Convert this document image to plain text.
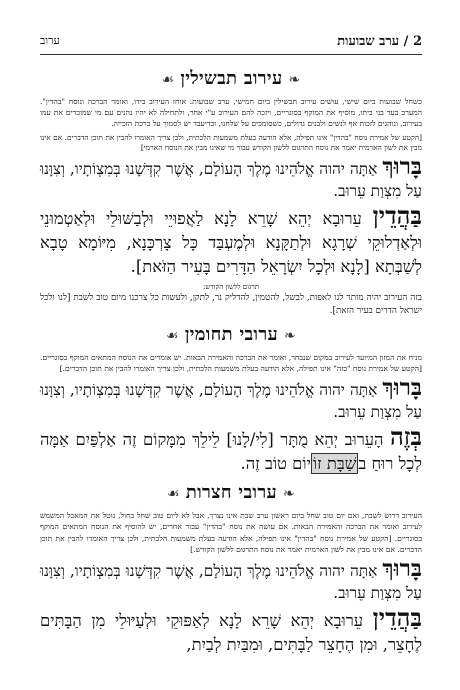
2 / ערב שבועות
ערוב
❧עירוב תבשילין☙

כשחל שבועות ביום שישי, עושים עירוב תבשילין ביום חמישי, ערב שבועות. אוחז העירוב בידו, ואומר הברכה ונוסח "בהדין". המערב בעד בני ביתו, מוסיף את המוקף בסוגריים, ויזכה להם העירוב ע"י אחר, ולתחילה לא יהיו נהנים עם מי שמוכרים את עמו בעירוב, ונוהגים לזכות אף לנשים ולבנים גדולים, כשסומכים על שלחנו, ובדיעבד יש לסמוך על ברכת הזכייה.

[הקטע של אמירת נוסח "בהדין" אינו תפילה, אלא הודעה בעלת משמעות הלכתית, ולכן צריך האומרו להבין את תוכן הדברים. אם אינו מבין את לשון הארמית יאמר את נוסח התרגום ללשון הקודש עבור מי שאינו מבין את הנוסח הארמי]

בָּרוּךְ אַתָּה יהוה אֱלֹהֵינוּ מֶלֶךְ הָעוֹלָם, אֲשֶׁר קִדְּשָׁנוּ בְּמִצְוֹתָיו, וְצִוָּנוּ עַל מִצְוַת עֵרוּב.

בַּהֲדֵין עֵרוּבָא יְהֵא שָׁרֵא לָנָא לַאֲפוּיֵי וּלְבַשּׁוּלֵי וּלְאַטְמוּנֵי וּלְאַדְלוּקֵי שְׁרָגָא וּלְתַקָּנָא וּלְמֶעְבַּד כָּל צָרְכָּנָא, מִיּוֹמָא טָבָא לְשַׁבְּתָא [לָנָא וּלְכָל יִשְׂרָאֵל הַדָּרִים בָּעִיר הַזֹּאת].

תרגום ללשון הקודש:

בזה העירוב יהיה מותר לנו לאפות, לבשל, להטמין, להדליק נר, לתקן, ולעשות כל צרכנו מיום טוב לשבת [לנו ולכל ישראל הדרים בעיר הזאת].

❧ערובי תחומין☙

מניח את המזון המיועד לעירוב במקום שנבחר, ואומר את הברכה והאמירה הבאות. יש אומרים את הנוסח המתאים המוקף בסוגריים. [הקטע של אמירת נוסח "בזה" אינו תפילה, אלא הודעה בעלת משמעות הלכתית, ולכן צריך האומרו להבין את תוכן הדברים.]

בָּרוּךְ אַתָּה יהוה אֱלֹהֵינוּ מֶלֶךְ הָעוֹלָם, אֲשֶׁר קִדְּשָׁנוּ בְּמִצְוֹתָיו, וְצִוָּנוּ עַל מִצְוַת עֵרוּב.

בְּזֶה הָעֵרוּב יְהֵא מֻתָּר [לִי/לָנוּ] לֵילֵךְ מִמָּקוֹם זֶה אַלְפַּיִם אַמָּה לְכָל רוּחַ בשַׁבָּת זוֹיוֹם טוֹב זֶה.

❧ערובי חצרות☙

העירוב דרוש לשבת, ואם יום טוב שחל ביום ראשון ערב שבת אינו נצרך, אבל לא ליום טוב שחל בחול, נוטל את המאכל המשמש לעירוב ואומר את הברכה והאמירה הבאות. אם עושה את נוסח "בהדין" עבור אחרים, יש להוסיף את הנוסח המתאים המוקף בסוגריים. [הקטע של אמירת נוסח "בהדין" אינו תפילה, אלא הודעה בעלת משמעות הלכתית, ולכן צריך האומרו להבין את תוכן הדברים. אם אינו מבין את לשון הארמית יאמר את נוסח התרגום ללשון הקודש.]

בָּרוּךְ אַתָּה יהוה אֱלֹהֵינוּ מֶלֶךְ הָעוֹלָם, אֲשֶׁר קִדְּשָׁנוּ בְּמִצְוֹתָיו, וְצִוָּנוּ עַל מִצְוַת עֵרוּב.

בַּהֲדֵין עֵרוּבָא יְהֵא שָׁרֵא לָנָא לְאַפּוּקֵי וּלְעַיּוּלֵי מִן הַבָּתִּים לֶחָצֵר, וּמִן הֶחָצֵר לַבָּתִּים, וּמִבַּיִת לְבַיִת,
